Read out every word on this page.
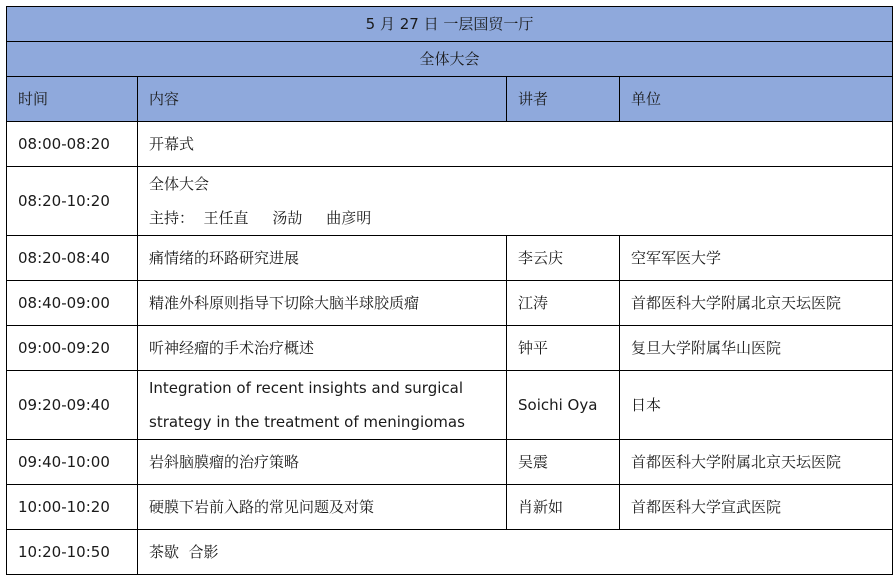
5 月 27 日 一层国贸一厅			
全体大会			
时间	内容	讲者	单位
08:00-08:20	开幕式		
08:20-10:20	全体大会
主持：  王任直     汤劼     曲彦明		

08:20-08:40	痛情绪的环路研究进展	李云庆	空军军医大学
08:40-09:00	精准外科原则指导下切除大脑半球胶质瘤	江涛	首都医科大学附属北京天坛医院
09:00-09:20	听神经瘤的手术治疗概述	钟平	复旦大学附属华山医院
09:20-09:40	Integration of recent insights and surgical
strategy in the treatment of meningiomas	Soichi Oya	日本
09:40-10:00	岩斜脑膜瘤的治疗策略	吴震	首都医科大学附属北京天坛医院
10:00-10:20	硬膜下岩前入路的常见问题及对策	肖新如	首都医科大学宣武医院
10:20-10:50	茶歇  合影		
